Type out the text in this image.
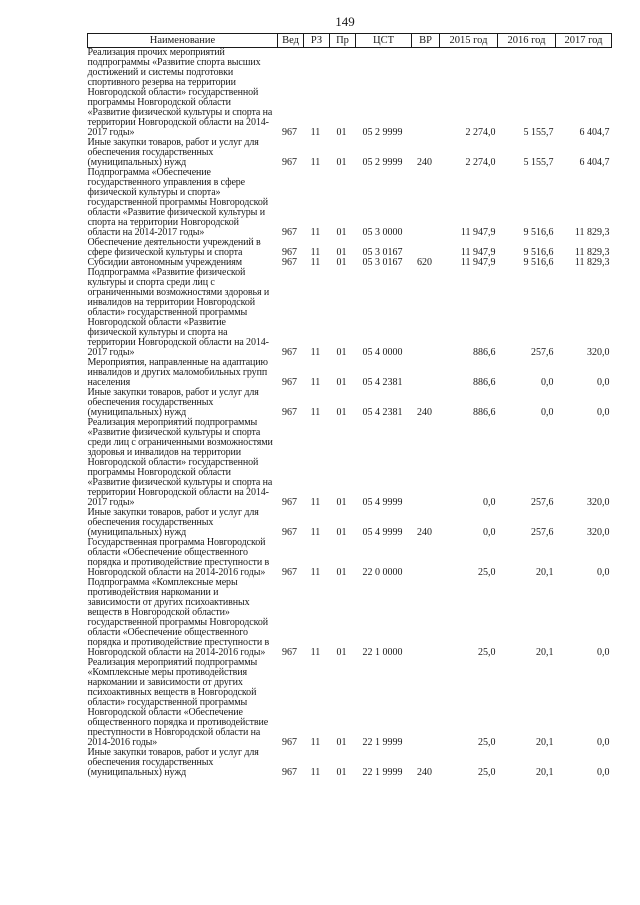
149
Наименование	Вед	РЗ	Пр	ЦСТ	ВР	2015 год	2016 год	2017 год
Реализация прочих мероприятий подпрограммы «Развитие спорта высших достижений и системы подготовки спортивного резерва на территории Новгородской области» государственной программы Новгородской области «Развитие физической культуры и спорта на территории Новгородской области на 2014-2017 годы»	967	11	01	05 2 9999		2 274,0	5 155,7	6 404,7
Иные закупки товаров, работ и услуг для обеспечения государственных (муниципальных) нужд	967	11	01	05 2 9999	240	2 274,0	5 155,7	6 404,7
Подпрограмма «Обеспечение государственного управления в сфере физической культуры и спорта» государственной программы Новгородской области «Развитие физической культуры и спорта на территории Новгородской области на 2014-2017 годы»	967	11	01	05 3 0000		11 947,9	9 516,6	11 829,3
Обеспечение деятельности учреждений в сфере физической культуры и спорта	967	11	01	05 3 0167		11 947,9	9 516,6	11 829,3
Субсидии автономным учреждениям	967	11	01	05 3 0167	620	11 947,9	9 516,6	11 829,3
Подпрограмма «Развитие физической культуры и спорта среди лиц с ограниченными возможностями здоровья и инвалидов на территории Новгородской области» государственной программы Новгородской области «Развитие физической культуры и спорта на территории Новгородской области на 2014-2017 годы»	967	11	01	05 4 0000		886,6	257,6	320,0
Мероприятия, направленные на адаптацию инвалидов и других маломобильных групп населения	967	11	01	05 4 2381		886,6	0,0	0,0
Иные закупки товаров, работ и услуг для обеспечения государственных (муниципальных) нужд	967	11	01	05 4 2381	240	886,6	0,0	0,0
Реализация мероприятий подпрограммы «Развитие физической культуры и спорта среди лиц с ограниченными возможностями здоровья и инвалидов на территории Новгородской области» государственной программы Новгородской области «Развитие физической культуры и спорта на территории Новгородской области на 2014-2017 годы»	967	11	01	05 4 9999		0,0	257,6	320,0
Иные закупки товаров, работ и услуг для обеспечения государственных (муниципальных) нужд	967	11	01	05 4 9999	240	0,0	257,6	320,0
Государственная программа Новгородской области «Обеспечение общественного порядка и противодействие преступности в Новгородской области на 2014-2016 годы»	967	11	01	22 0 0000		25,0	20,1	0,0
Подпрограмма «Комплексные меры противодействия наркомании и зависимости от других психоактивных веществ в Новгородской области» государственной программы Новгородской области «Обеспечение общественного порядка и противодействие преступности в Новгородской области на 2014-2016 годы»	967	11	01	22 1 0000		25,0	20,1	0,0
Реализация мероприятий подпрограммы «Комплексные меры противодействия наркомании и зависимости от других психоактивных веществ в Новгородской области» государственной программы Новгородской области «Обеспечение общественного порядка и противодействие преступности в Новгородской области на 2014-2016 годы»	967	11	01	22 1 9999		25,0	20,1	0,0
Иные закупки товаров, работ и услуг для обеспечения государственных (муниципальных) нужд	967	11	01	22 1 9999	240	25,0	20,1	0,0
